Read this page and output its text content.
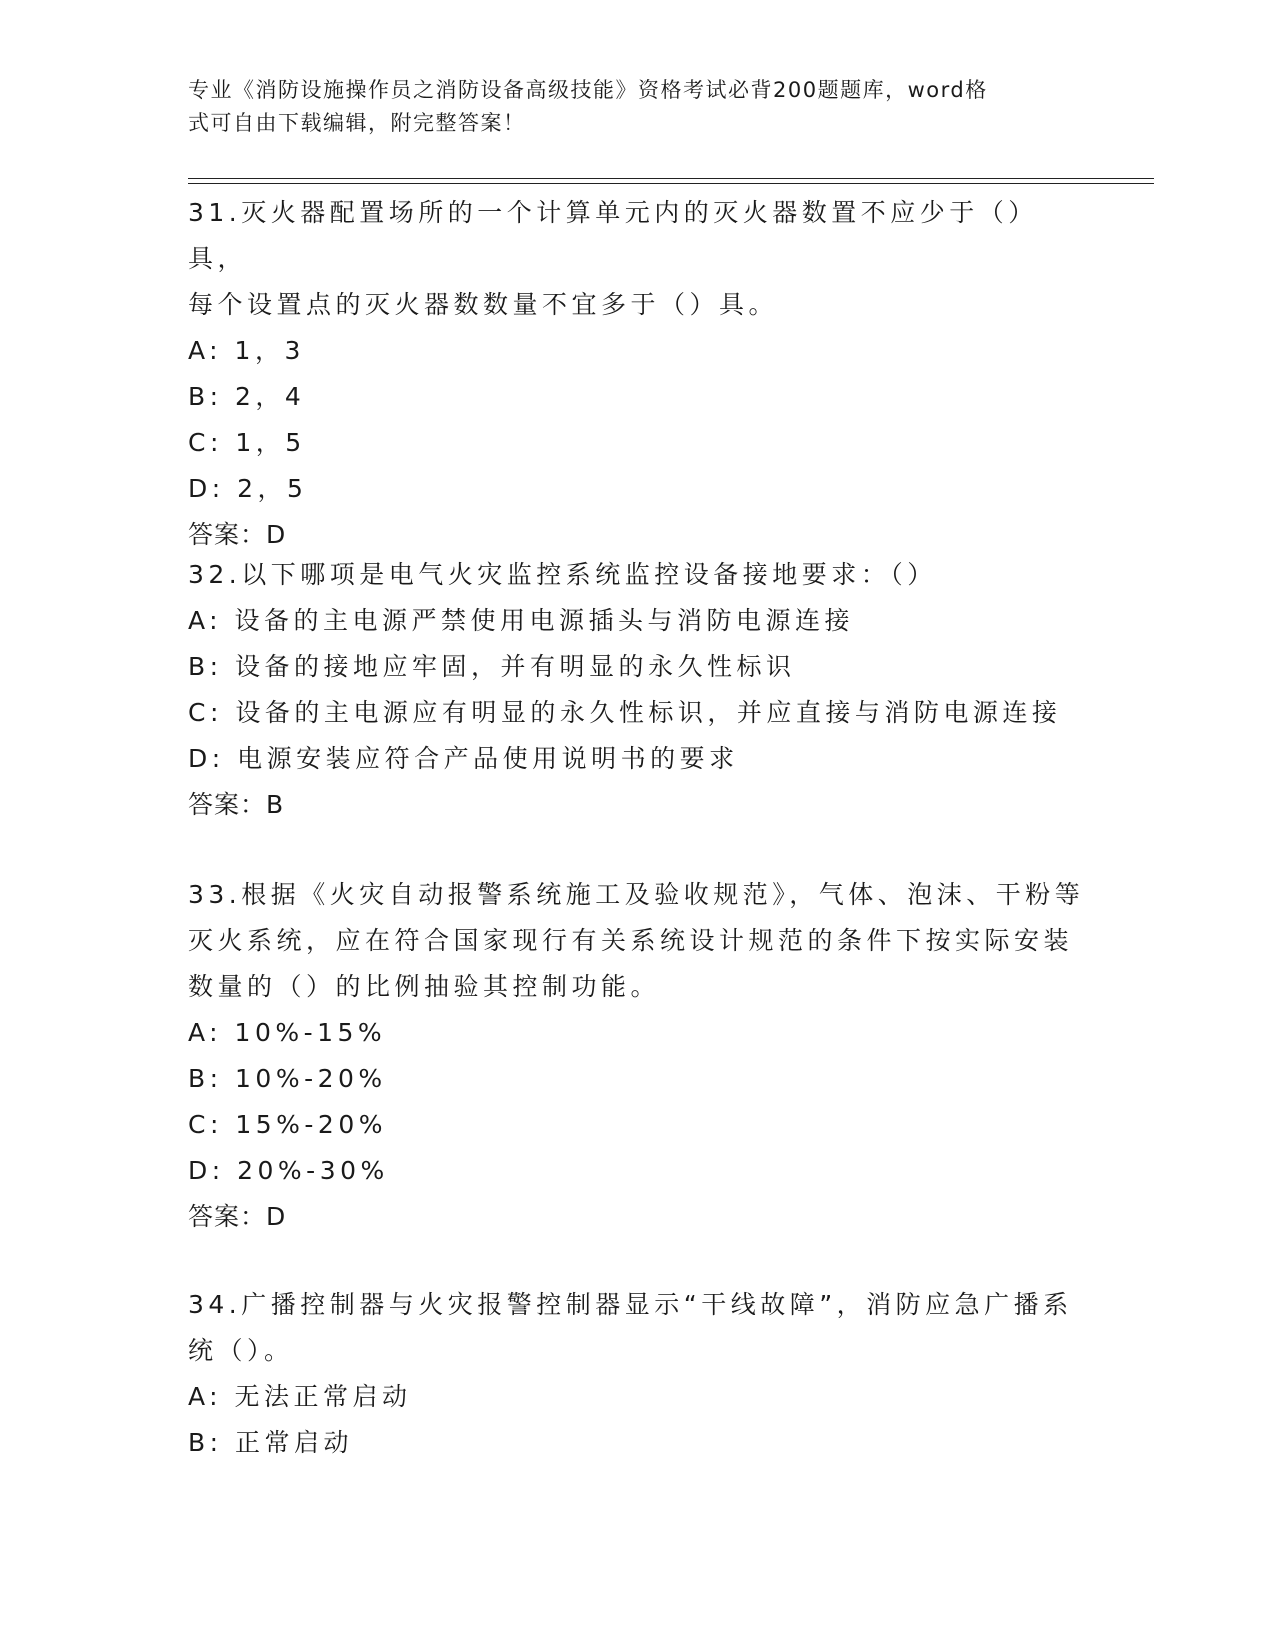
专业《消防设施操作员之消防设备高级技能》资格考试必背200题题库，word格
式可自由下载编辑，附完整答案！

31.灭火器配置场所的一个计算单元内的灭火器数置不应少于（）具，

每个设置点的灭火器数数量不宜多于（）具。

A: 1，3

B: 2，4

C: 1，5

D: 2，5

答案：D

32.以下哪项是电气火灾监控系统监控设备接地要求：（）

A: 设备的主电源严禁使用电源插头与消防电源连接

B: 设备的接地应牢固，并有明显的永久性标识

C: 设备的主电源应有明显的永久性标识，并应直接与消防电源连接

D: 电源安装应符合产品使用说明书的要求

答案：B

33.根据《火灾自动报警系统施工及验收规范》，气体、泡沫、干粉等

灭火系统，应在符合国家现行有关系统设计规范的条件下按实际安装

数量的（）的比例抽验其控制功能。

A: 10%-15%

B: 10%-20%

C: 15%-20%

D: 20%-30%

答案：D

34.广播控制器与火灾报警控制器显示“干线故障”，消防应急广播系

统（）。

A: 无法正常启动

B: 正常启动
